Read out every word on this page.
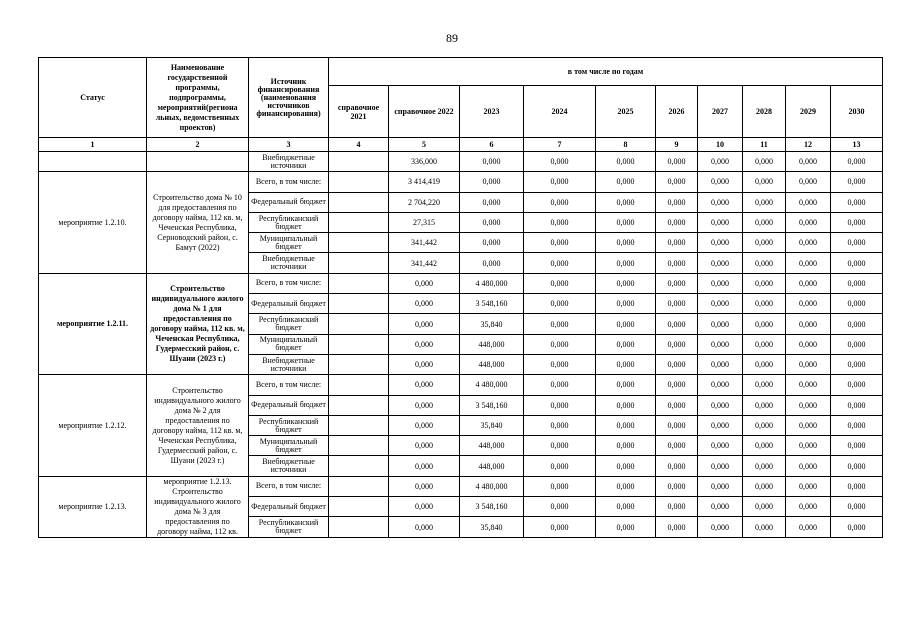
89
Статус	Наименование государственной программы, подпрограммы, мероприятий(региона льных, ведомственных проектов)	Источник финансирования (наименования источников финансирования)	в том числе по годам									
			справочное 2021	справочное 2022	2023	2024	2025	2026	2027	2028	2029	2030
1	2	3	4	5	6	7	8	9	10	11	12	13
		Внебюджетные источники		336,000	0,000	0,000	0,000	0,000	0,000	0,000	0,000	0,000
мероприятие 1.2.10.	Строительство дома № 10 для предоставления по договору найма, 112 кв. м, Чеченская Республика, Серноводский район, с. Бамут (2022)	Всего, в том числе:		3 414,419	0,000	0,000	0,000	0,000	0,000	0,000	0,000	0,000
		Федеральный бюджет		2 704,220	0,000	0,000	0,000	0,000	0,000	0,000	0,000	0,000
		Республиканский бюджет		27,315	0,000	0,000	0,000	0,000	0,000	0,000	0,000	0,000
		Муниципальный бюджет		341,442	0,000	0,000	0,000	0,000	0,000	0,000	0,000	0,000
		Внебюджетные источники		341,442	0,000	0,000	0,000	0,000	0,000	0,000	0,000	0,000
мероприятие 1.2.11.	Строительство индивидуального жилого дома № 1 для предоставления по договору найма, 112 кв. м, Чеченская Республика, Гудермесский район, с. Шуани (2023 г.)	Всего, в том числе:		0,000	4 480,000	0,000	0,000	0,000	0,000	0,000	0,000	0,000
		Федеральный бюджет		0,000	3 548,160	0,000	0,000	0,000	0,000	0,000	0,000	0,000
		Республиканский бюджет		0,000	35,840	0,000	0,000	0,000	0,000	0,000	0,000	0,000
		Муниципальный бюджет		0,000	448,000	0,000	0,000	0,000	0,000	0,000	0,000	0,000
		Внебюджетные источники		0,000	448,000	0,000	0,000	0,000	0,000	0,000	0,000	0,000
мероприятие 1.2.12.	Строительство индивидуального жилого дома № 2 для предоставления по договору найма, 112 кв. м, Чеченская Республика, Гудермесский район, с. Шуани (2023 г.)	Всего, в том числе:		0,000	4 480,000	0,000	0,000	0,000	0,000	0,000	0,000	0,000
		Федеральный бюджет		0,000	3 548,160	0,000	0,000	0,000	0,000	0,000	0,000	0,000
		Республиканский бюджет		0,000	35,840	0,000	0,000	0,000	0,000	0,000	0,000	0,000
		Муниципальный бюджет		0,000	448,000	0,000	0,000	0,000	0,000	0,000	0,000	0,000
		Внебюджетные источники		0,000	448,000	0,000	0,000	0,000	0,000	0,000	0,000	0,000
мероприятие 1.2.13.	мероприятие 1.2.13. Строительство индивидуального жилого дома № 3 для предоставления по договору найма, 112 кв.	Всего, в том числе:		0,000	4 480,000	0,000	0,000	0,000	0,000	0,000	0,000	0,000
		Федеральный бюджет		0,000	3 548,160	0,000	0,000	0,000	0,000	0,000	0,000	0,000
		Республиканский бюджет		0,000	35,840	0,000	0,000	0,000	0,000	0,000	0,000	0,000
